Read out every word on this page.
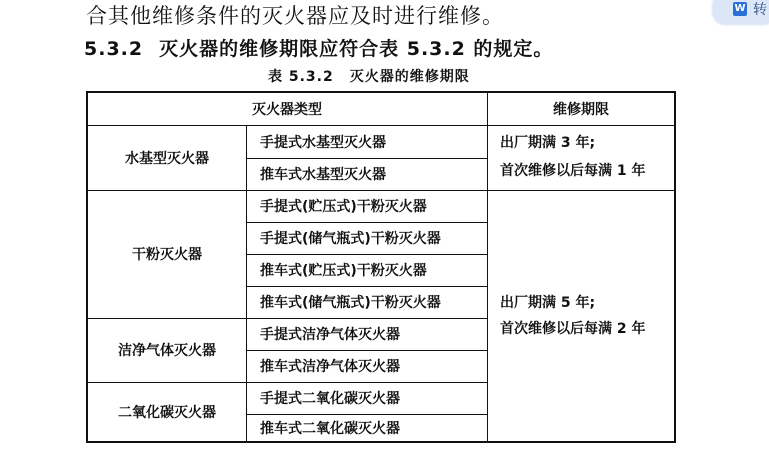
合其他维修条件的灭火器应及时进行维修。
5.3.2 灭火器的维修期限应符合表 5.3.2 的规定。
表 5.3.2 灭火器的维修期限
灭火器类型	维修期限
水基型灭火器
干粉灭火器
洁净气体灭火器
二氧化碳灭火器
手提式水基型灭火器
推车式水基型灭火器
手提式(贮压式)干粉灭火器
手提式(储气瓶式)干粉灭火器
推车式(贮压式)干粉灭火器
推车式(储气瓶式)干粉灭火器
手提式洁净气体灭火器
推车式洁净气体灭火器
手提式二氧化碳灭火器
推车式二氧化碳灭火器
出厂期满 3 年;
首次维修以后每满 1 年
出厂期满 5 年;
首次维修以后每满 2 年
W 转
